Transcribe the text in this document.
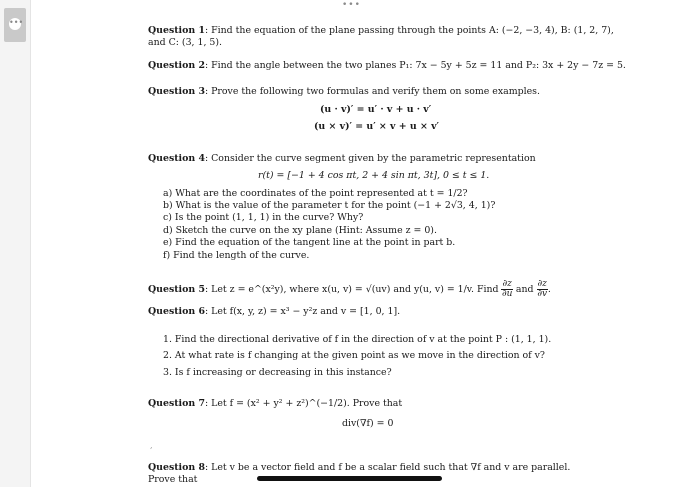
•••
•••
Question 1: Find the equation of the plane passing through the points A: (−2, −3, 4), B: (1, 2, 7),
and C: (3, 1, 5).
Question 2: Find the angle between the two planes P₁: 7x − 5y + 5z = 11 and P₂: 3x + 2y − 7z = 5.
Question 3: Prove the following two formulas and verify them on some examples.
(u · v)′ = u′ · v + u · v′
(u × v)′ = u′ × v + u × v′
Question 4: Consider the curve segment given by the parametric representation
r(t) = [−1 + 4 cos πt, 2 + 4 sin πt, 3t], 0 ≤ t ≤ 1.
a) What are the coordinates of the point represented at t = 1/2?
b) What is the value of the parameter t for the point (−1 + 2√3, 4, 1)?
c) Is the point (1, 1, 1) in the curve? Why?
d) Sketch the curve on the xy plane (Hint: Assume z = 0).
e) Find the equation of the tangent line at the point in part b.
f) Find the length of the curve.
Question 5: Let z = e^(x²y), where x(u, v) = √(uv) and y(u, v) = 1/v. Find $\frac{\partial z}{\partial u}$ and $\frac{\partial z}{\partial v}$ .
Question 6: Let f(x, y, z) = x³ − y²z and v = [1, 0, 1].
1. Find the directional derivative of f in the direction of v at the point P : (1, 1, 1).
2. At what rate is f changing at the given point as we move in the direction of v?
3. Is f increasing or decreasing in this instance?
Question 7: Let f = (x² + y² + z²)^(−1/2). Prove that
div(∇f) = 0
,
Question 8: Let v be a vector field and f be a scalar field such that ∇f and v are parallel.
Prove that
